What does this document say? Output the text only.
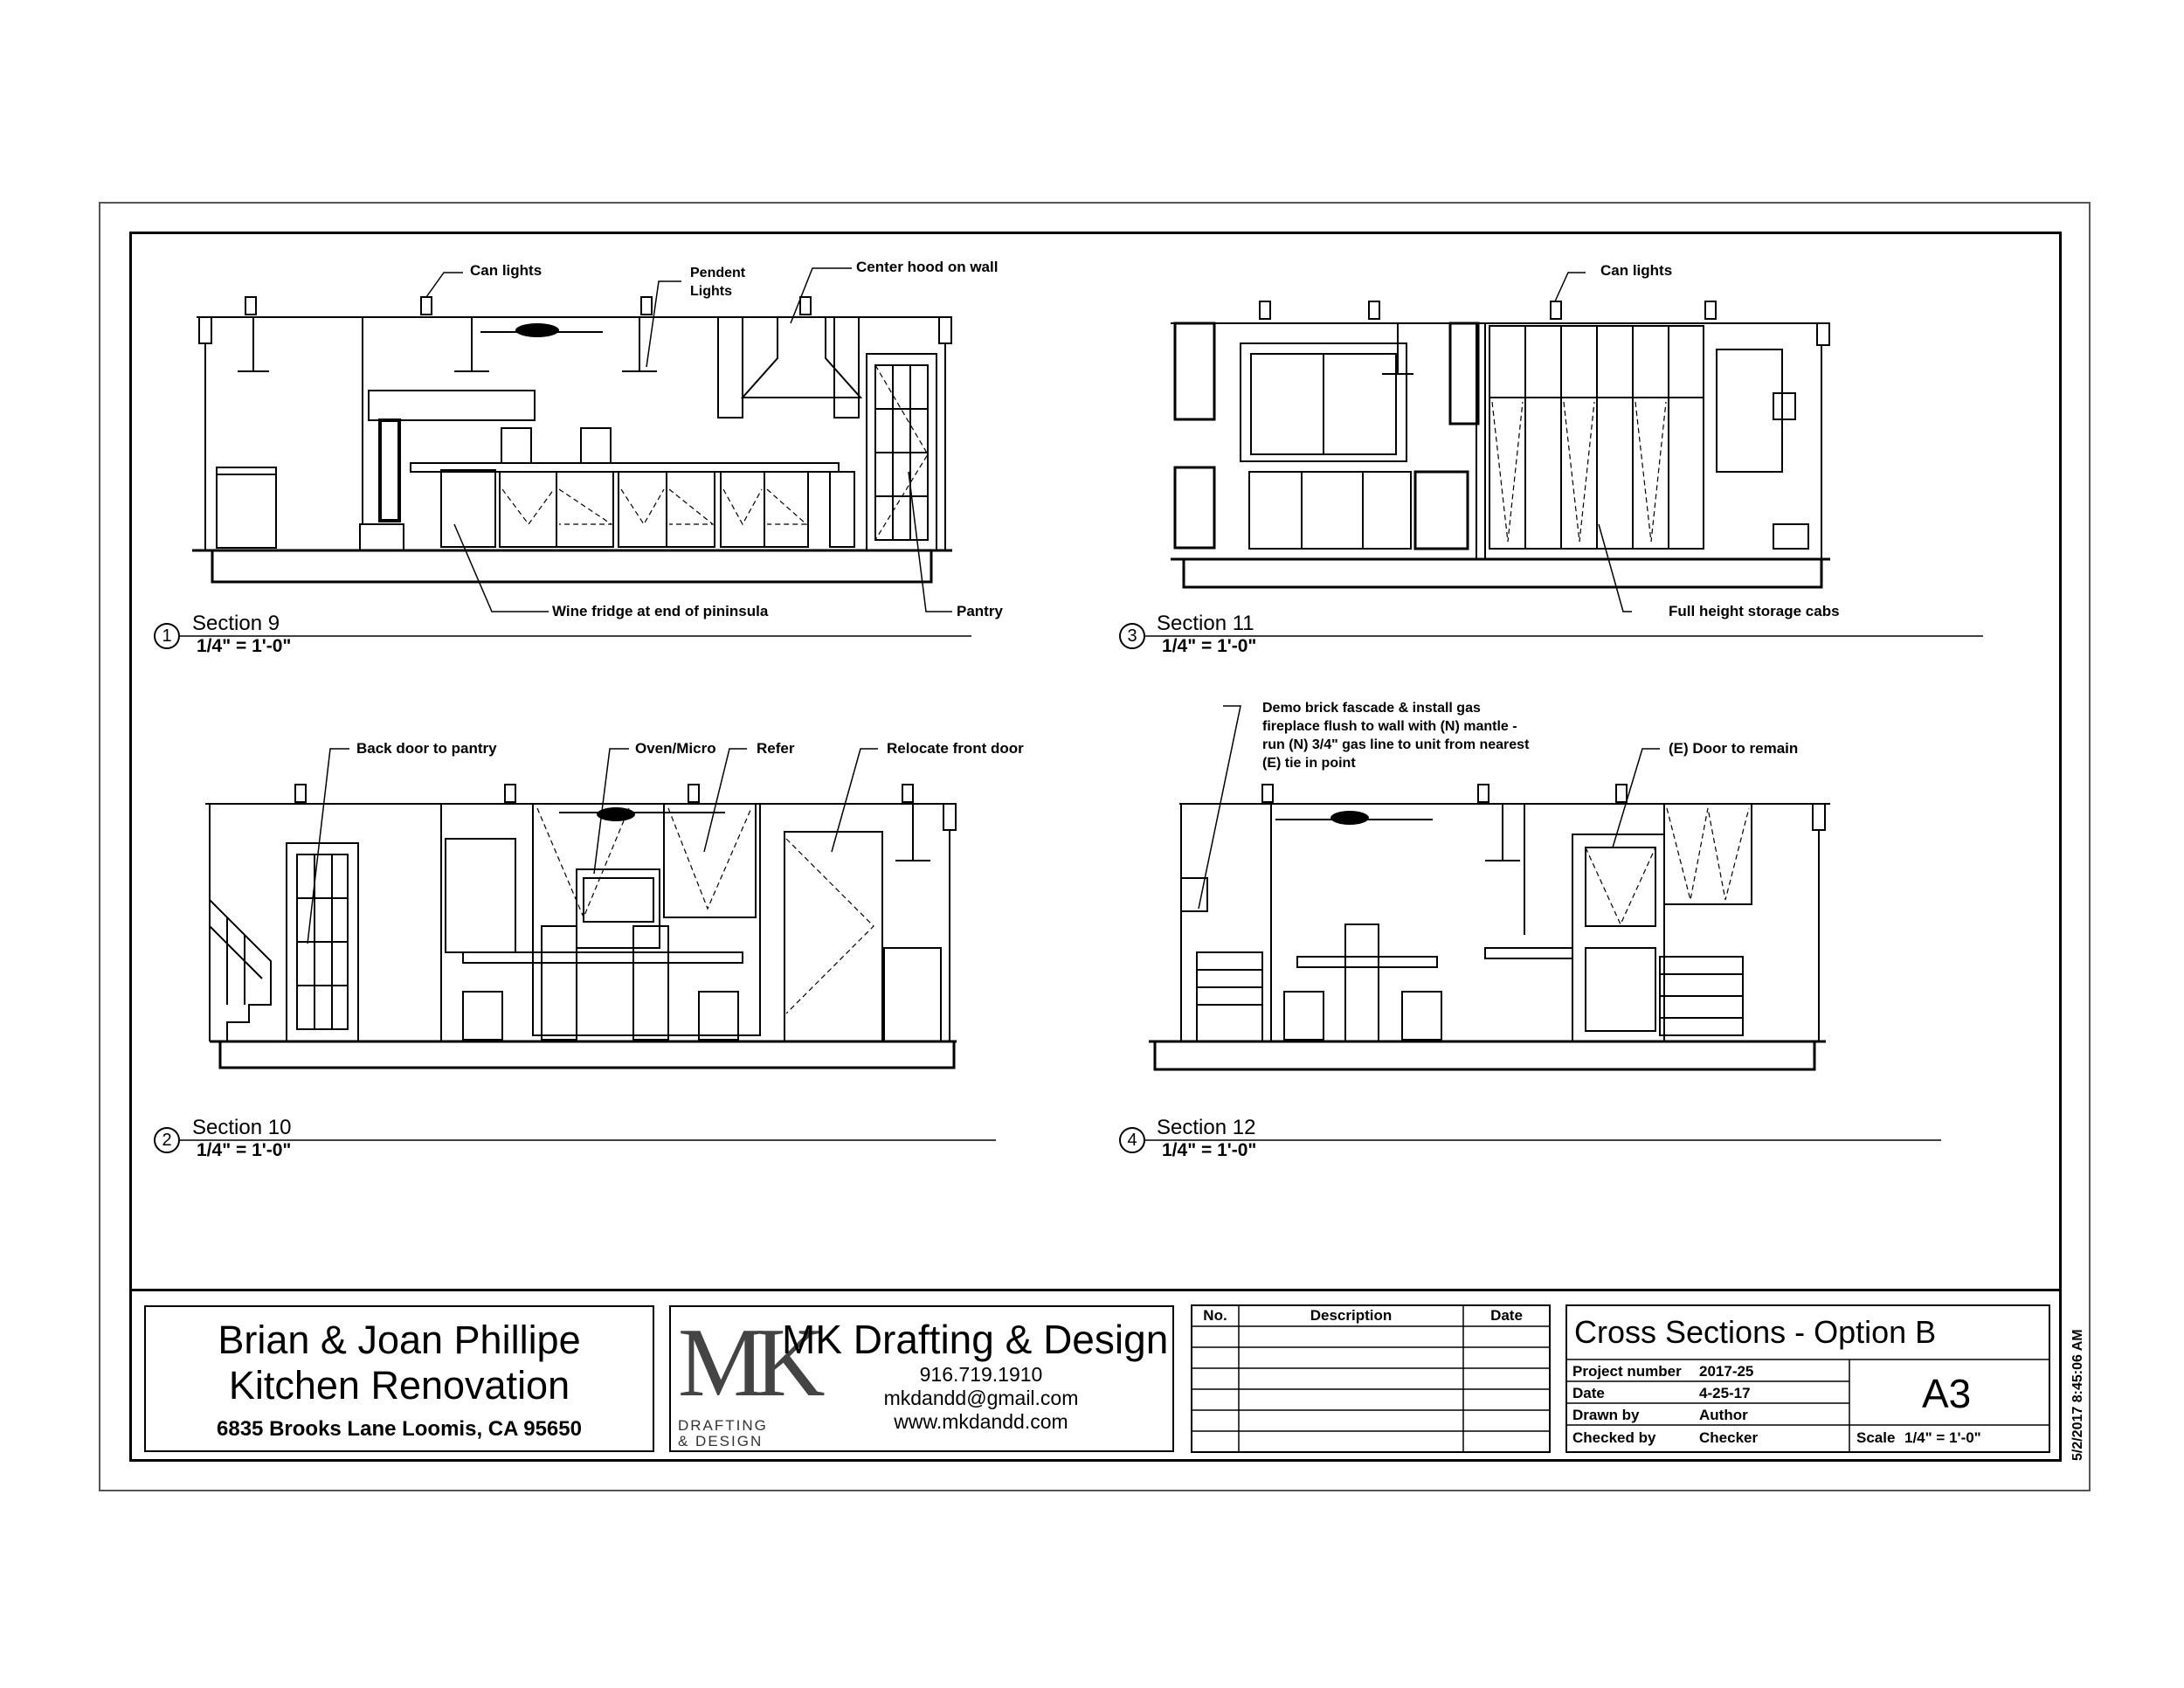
Can lights	Pendent
Lights
Center hood on wall
Wine fridge at end of pininsula	Pantry
Can lights
Full height storage cabs
Back door to pantry	Oven/Micro	Refer	Relocate front door
Demo brick fascade & install gas
fireplace flush to wall with (N) mantle -
run (N) 3/4" gas line to unit from nearest
(E) tie in point
(E) Door to remain
1
Section 9
1/4" = 1'-0"	3
Section 11
1/4" = 1'-0"
2
Section 10
1/4" = 1'-0"	4
Section 12
1/4" = 1'-0"
Brian & Joan Phillipe
Kitchen Renovation
6835 Brooks Lane Loomis, CA 95650
MK
DRAFTING
& DESIGN
MK Drafting & Design
916.719.1910
mkdandd@gmail.com
www.mkdandd.com
No.	Description	Date	Cross Sections - Option B
Project number 2017-25
Date	4-25-17
Drawn by	Author
Checked by	Checker
A3
Scale 1/4" = 1'-0"	5/2/2017 8:45:06 AM
